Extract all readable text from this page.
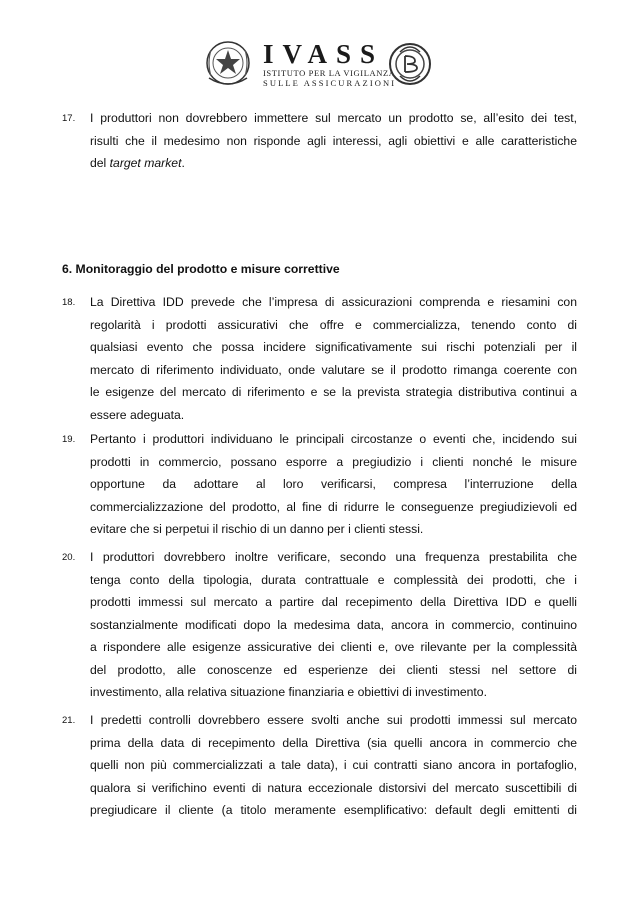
IVASS
ISTITUTO PER LA VIGILANZA
SULLE ASSICURAZIONI
17. I produttori non dovrebbero immettere sul mercato un prodotto se, all’esito dei test,
risulti che il medesimo non risponde agli interessi, agli obiettivi e alle caratteristiche
del target market.
6. Monitoraggio del prodotto e misure correttive
18. La Direttiva IDD prevede che l’impresa di assicurazioni comprenda e riesamini con
regolarità i prodotti assicurativi che offre e commercializza, tenendo conto di
qualsiasi evento che possa incidere significativamente sui rischi potenziali per il
mercato di riferimento individuato, onde valutare se il prodotto rimanga coerente con
le esigenze del mercato di riferimento e se la prevista strategia distributiva continui a
essere adeguata.
19. Pertanto i produttori individuano le principali circostanze o eventi che, incidendo sui
prodotti in commercio, possano esporre a pregiudizio i clienti nonché le misure
opportune da adottare al loro verificarsi, compresa l’interruzione della
commercializzazione del prodotto, al fine di ridurre le conseguenze pregiudizievoli ed
evitare che si perpetui il rischio di un danno per i clienti stessi.
20. I produttori dovrebbero inoltre verificare, secondo una frequenza prestabilita che
tenga conto della tipologia, durata contrattuale e complessità dei prodotti, che i
prodotti immessi sul mercato a partire dal recepimento della Direttiva IDD e quelli
sostanzialmente modificati dopo la medesima data, ancora in commercio, continuino
a rispondere alle esigenze assicurative dei clienti e, ove rilevante per la complessità
del prodotto, alle conoscenze ed esperienze dei clienti stessi nel settore di
investimento, alla relativa situazione finanziaria e obiettivi di investimento.
21. I predetti controlli dovrebbero essere svolti anche sui prodotti immessi sul mercato
prima della data di recepimento della Direttiva (sia quelli ancora in commercio che
quelli non più commercializzati a tale data), i cui contratti siano ancora in portafoglio,
qualora si verifichino eventi di natura eccezionale distorsivi del mercato suscettibili di
pregiudicare il cliente (a titolo meramente esemplificativo: default degli emittenti di
